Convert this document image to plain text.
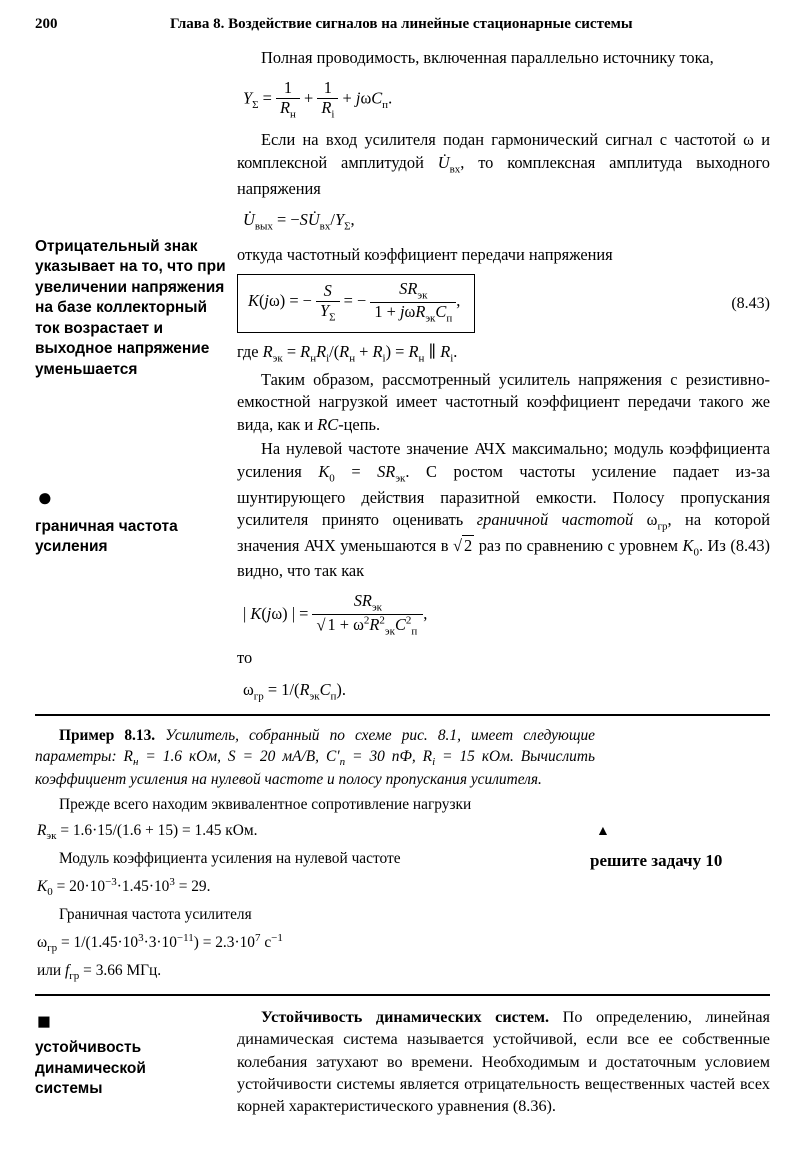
200	Глава 8. Воздействие сигналов на линейные стационарные системы
Отрицательный знак указывает на то, что при увеличении напряжения на базе коллекторный ток возрастает и выходное напряжение уменьшается
●
граничная частота усиления

Полная проводимость, включенная параллельно источнику тока,

$Y_\Sigma = \frac{1}{R_н} + \frac{1}{R_i} + j\omega C_п$.

Если на вход усилителя подан гармонический сигнал с частотой ω и комплексной амплитудой $U̇_{вх}$, то комплексная амплитуда выходного напряжения

$U̇_{вых}$ = $-SU̇_{вх}/Y_\Sigma$,

откуда частотный коэффициент передачи напряжения

K(jω) = − $\frac{S}{Y_\Sigma}$ = − $\frac{SR_{эк}}{1 + j\omega R_{эк}C_п}$ ,	(8.43)

где $R_{эк} = R_нR_i/(R_н + R_i) = R_н$ ∥ $R_i$.

Таким образом, рассмотренный усилитель напряжения с резистивно-емкостной нагрузкой имеет частотный коэффициент передачи такого же вида, как и RC-цепь.

На нулевой частоте значение АЧХ максимально; модуль коэффициента усиления $K_0 = SR_{эк}$. С ростом частоты усиление падает из-за шунтирующего действия паразитной емкости. Полосу пропускания усилителя принято оценивать граничной частотой $\omega_{гр}$, на которой значения АЧХ уменьшаются в √ 2 раз по сравнению с уровнем $K_0$. Из (8.43) видно, что так как

| K(jω) | = $\frac{SR_{эк}}{√ 1 + \omega^2R^2_{эк}C^2_п}$ ,

то

$\omega_{гр} = 1/(R_{эк}C_п)$.

Пример 8.13. Усилитель, собранный по схеме рис. 8.1, имеет следующие параметры: $R_н = 1.6$ кОм, S = 20 мА/В, $C'_п = 30$ пФ, $R_i = 15$ кОм. Вычислить коэффициент усиления на нулевой частоте и полосу пропускания усилителя.

Прежде всего находим эквивалентное сопротивление нагрузки

$R_{эк} = 1.6\cdot 15/(1.6 + 15) = 1.45$ кОм.

Модуль коэффициента усиления на нулевой частоте

$K_0 = 20\cdot 10^{-3}\cdot 1.45\cdot 10^3 = 29$.

Граничная частота усилителя

$\omega_{гр} = 1/(1.45\cdot 10^3\cdot 3\cdot 10^{-11}) = 2.3\cdot 10^7$ $с^{-1}$
или $f_{гр} = 3.66$ МГц.
▲
решите задачу 10
■
устойчивость динамической системы

Устойчивость динамических систем. По определению, линейная динамическая система называется устойчивой, если все ее собственные колебания затухают во времени. Необходимым и достаточным условием устойчивости системы является отрицательность вещественных частей всех корней характеристического уравнения (8.36).
